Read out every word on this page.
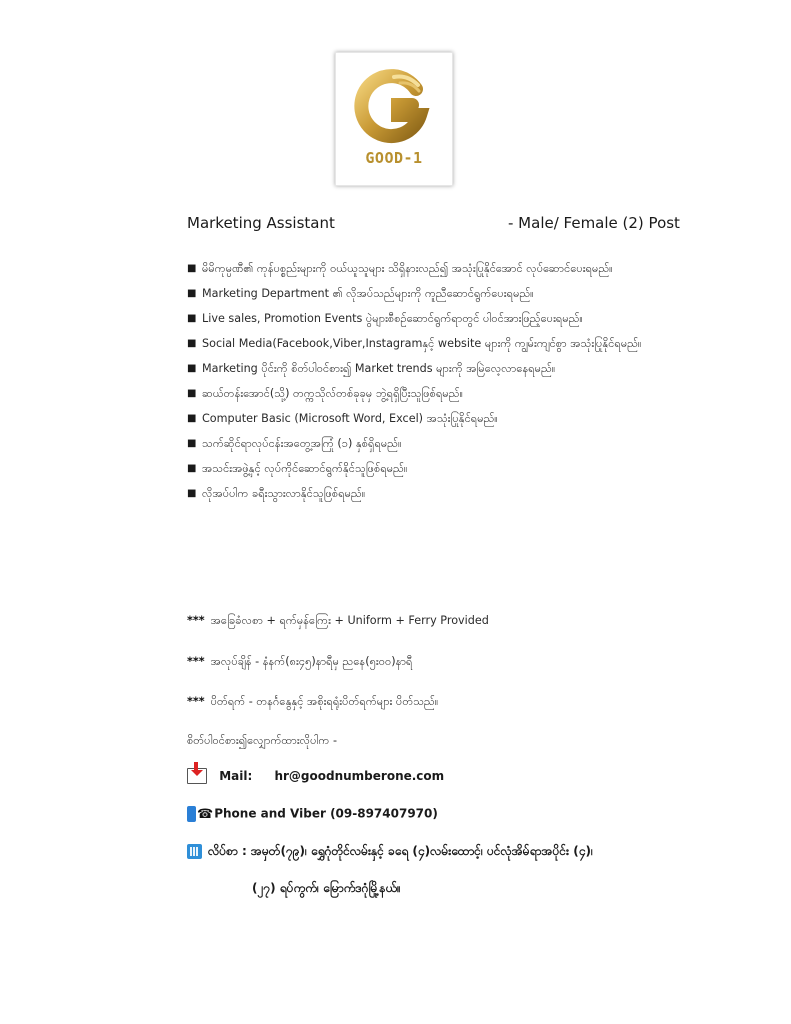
GOOD-1
Marketing Assistant	- Male/ Female (2) Post
■ မိမိကုမ္ပဏီ၏ ကုန်ပစ္စည်းများကို ဝယ်ယူသူများ သိရှိနားလည်၍ အသုံးပြုနိုင်အောင် လုပ်ဆောင်ပေးရမည်။
■ Marketing Department ၏ လိုအပ်သည်များကို ကူညီဆောင်ရွက်ပေးရမည်။
■ Live sales, Promotion Events ပွဲများစီစဉ်ဆောင်ရွက်ရာတွင် ပါဝင်အားဖြည့်ပေးရမည်။
■ Social Media(Facebook,Viber,Instagramနှင့် website များကို ကျွမ်းကျင်စွာ အသုံးပြုနိုင်ရမည်။
■ Marketing ပိုင်းကို စိတ်ပါဝင်စား၍ Market trends များကို အမြဲလေ့လာနေရမည်။
■ ဆယ်တန်းအောင်(သို့) တက္ကသိုလ်တစ်ခုခုမှ ဘွဲ့ရရှိပြီးသူဖြစ်ရမည်။
■ Computer Basic (Microsoft Word, Excel) အသုံးပြုနိုင်ရမည်။
■ သက်ဆိုင်ရာလုပ်ငန်းအတွေ့အကြုံ (၁) နှစ်ရှိရမည်။
■ အသင်းအဖွဲ့နှင့် လုပ်ကိုင်ဆောင်ရွက်နိုင်သူဖြစ်ရမည်။
■ လိုအပ်ပါက ခရီးသွားလာနိုင်သူဖြစ်ရမည်။
*** အခြေခံလစာ + ရက်မှန်ကြေး + Uniform + Ferry Provided
*** အလုပ်ချိန် - နံနက်(၈း၄၅)နာရီမှ ညနေ(၅း၀၀)နာရီ
*** ပိတ်ရက် - တနင်္ဂနွေနှင့် အစိုးရရုံးပိတ်ရက်များ ပိတ်သည်။
စိတ်ပါဝင်စား၍လျှောက်ထားလိုပါက -
Mail: hr@goodnumberone.com
☎Phone and Viber (09-897407970)
လိပ်စာ : အမှတ်(၇၉)၊ ရွှေဂုံတိုင်လမ်းနှင့် ခရေ (၄)လမ်းထောင့်၊ ပင်လုံအိမ်ရာအပိုင်း (၄)၊
(၂၇) ရပ်ကွက်၊ မြောက်ဒဂုံမြို့နယ်။
